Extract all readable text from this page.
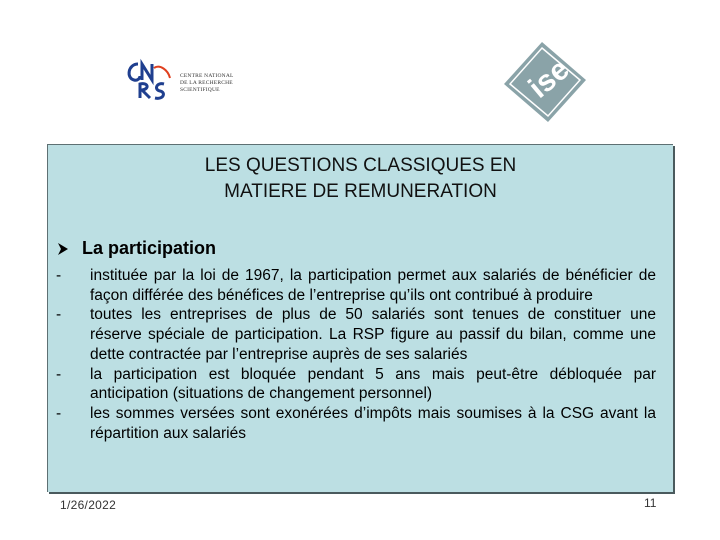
CENTRE NATIONAL
DE LA RECHERCHE
SCIENTIFIQUE	ise
LES QUESTIONS CLASSIQUES EN
MATIERE DE REMUNERATION
La participation
-	instituée par la loi de 1967, la participation permet aux salariés de bénéficier de façon différée des bénéfices de l’entreprise qu’ils ont contribué à produire
-	toutes les entreprises de plus de 50 salariés sont tenues de constituer une réserve spéciale de participation. La RSP figure au passif du bilan, comme une dette contractée par l’entreprise auprès de ses salariés
-	la participation est bloquée pendant 5 ans mais peut-être débloquée par anticipation (situations de changement personnel)
-	les sommes versées sont exonérées d’impôts mais soumises à la CSG avant la répartition aux salariés
1/26/2022	11
